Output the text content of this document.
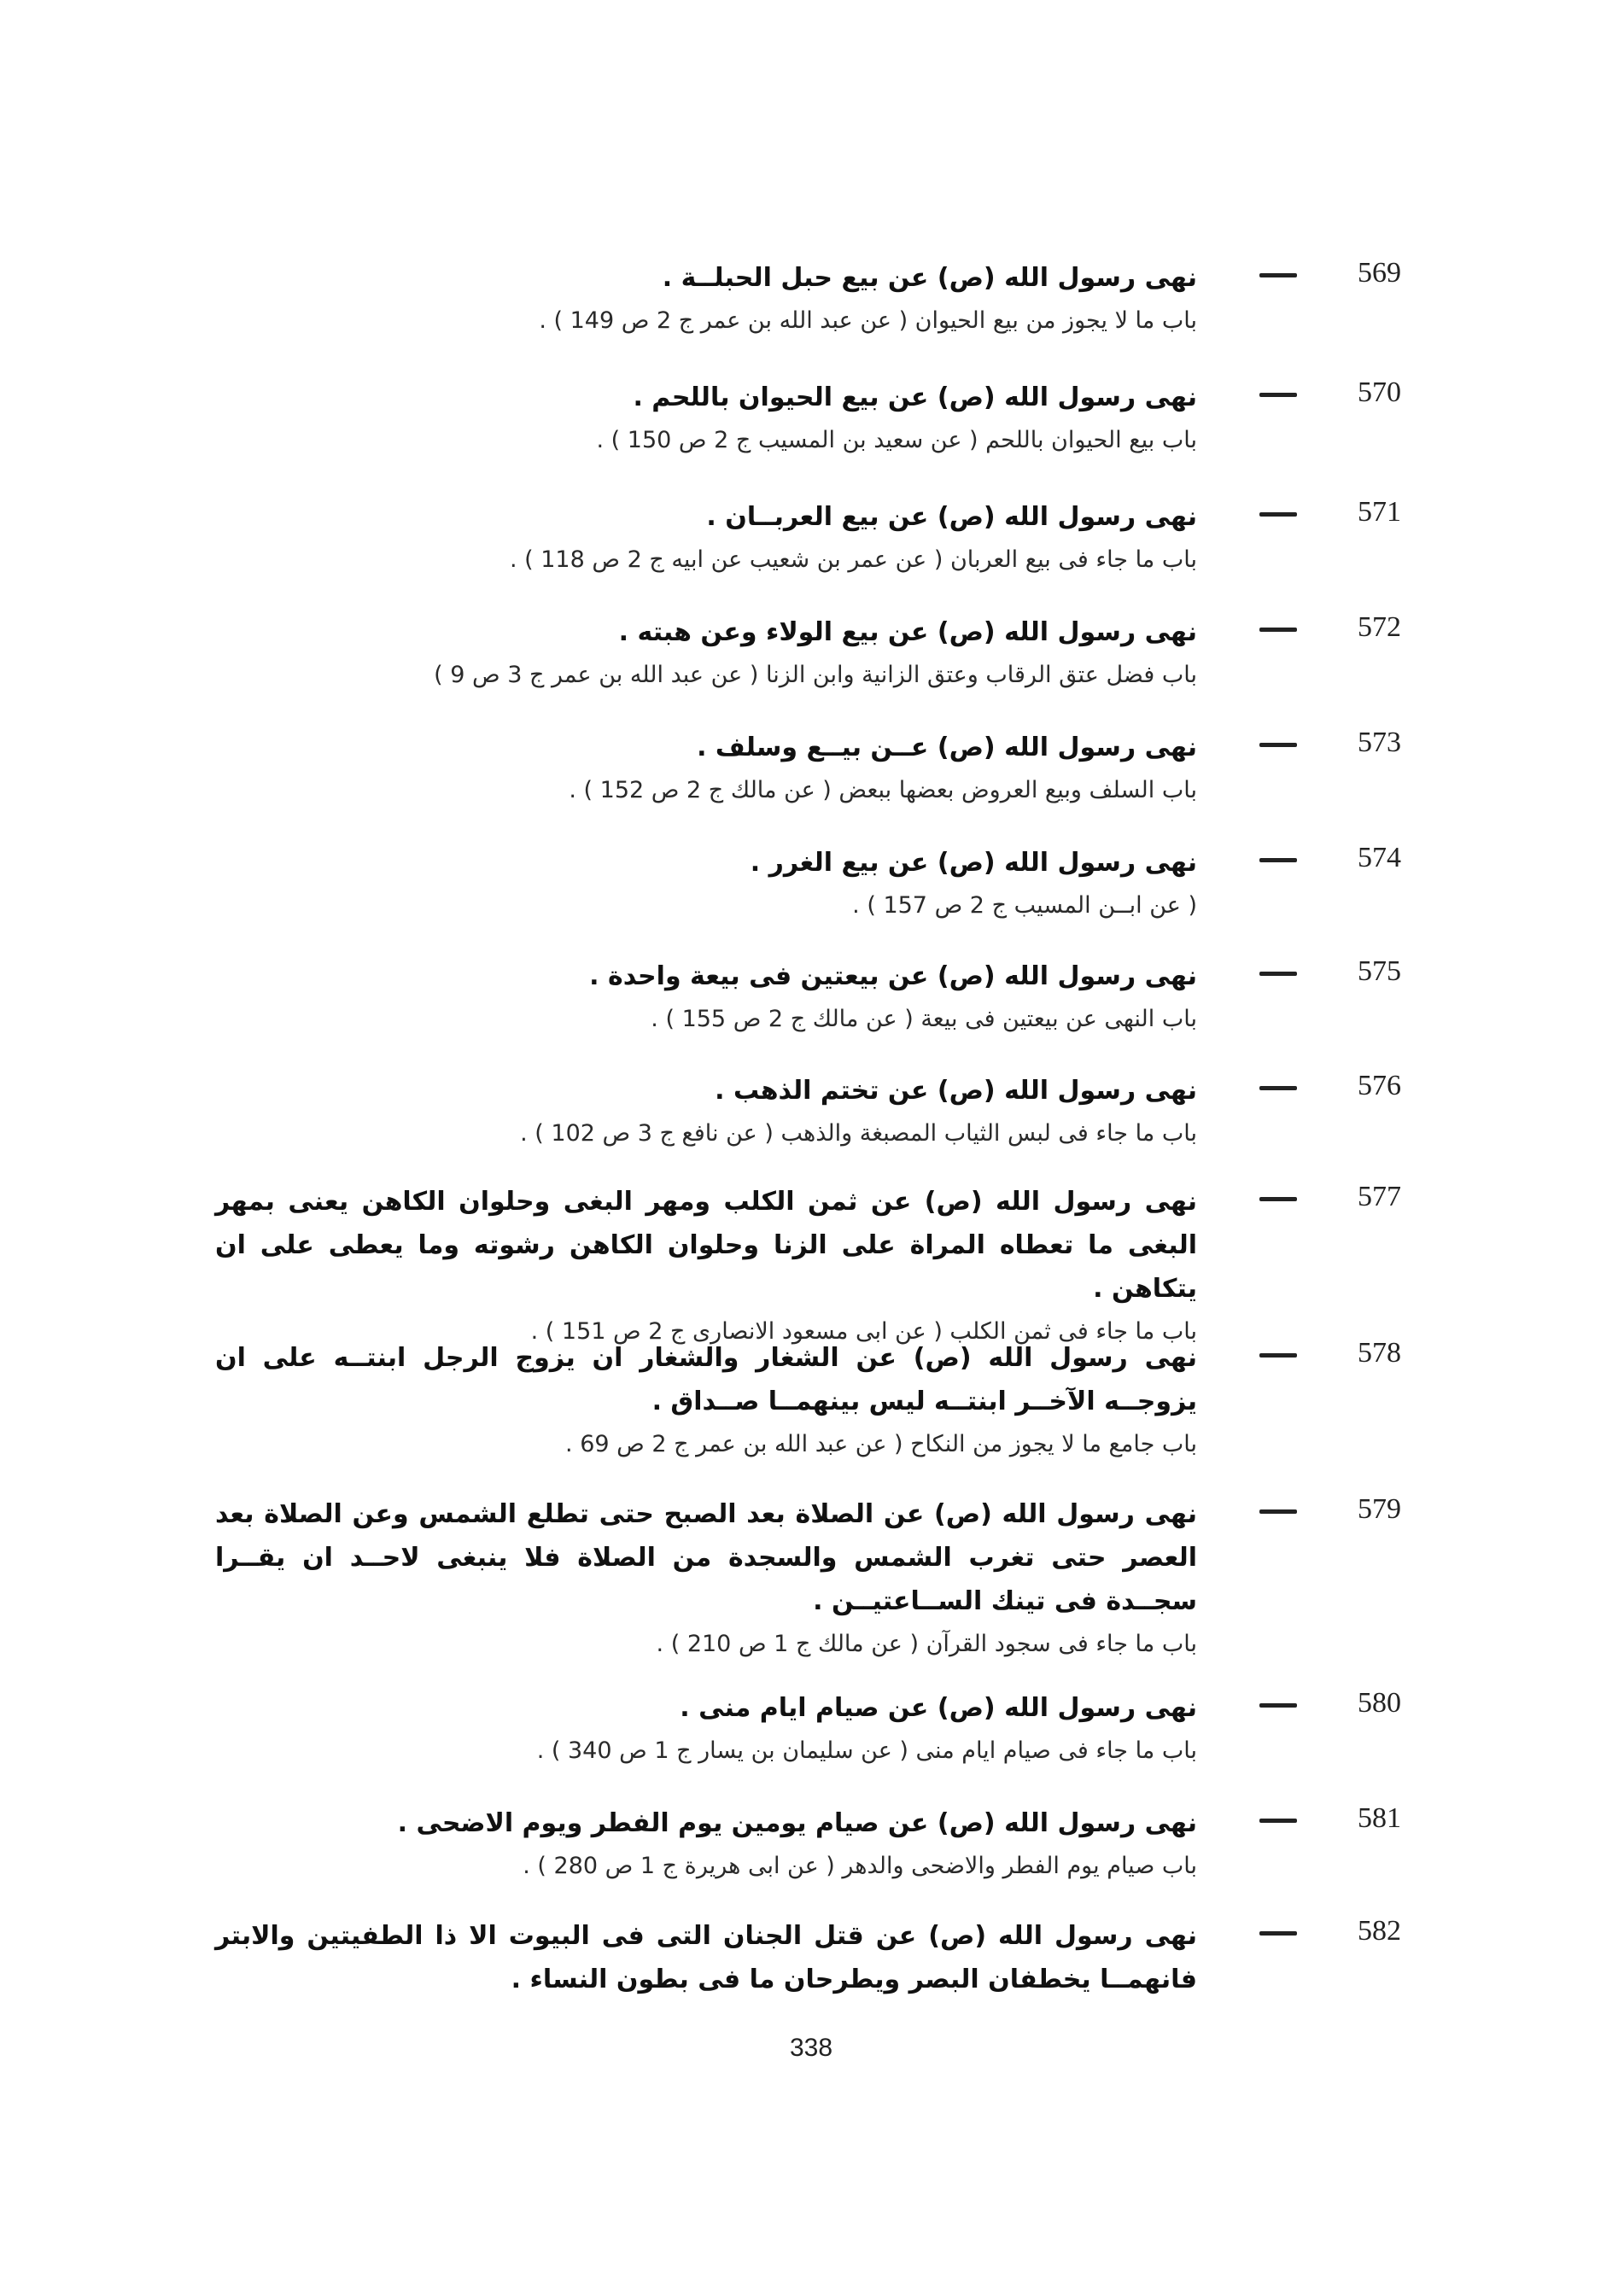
569

نهى رسول الله (ص) عن بيع حبل الحبلــة .

باب ما لا يجوز من بيع الحيوان ( عن عبد الله بن عمر ج 2 ص 149 ) .

570

نهى رسول الله (ص) عن بيع الحيوان باللحم .

باب بيع الحيوان باللحم ( عن سعيد بن المسيب ج 2 ص 150 ) .

571

نهى رسول الله (ص) عن بيع العربــان .

باب ما جاء فى بيع العربان ( عن عمر بن شعيب عن ابيه ج 2 ص 118 ) .

572

نهى رسول الله (ص) عن بيع الولاء وعن هبته .

باب فضل عتق الرقاب وعتق الزانية وابن الزنا ( عن عبد الله بن عمر ج 3 ص 9 )

573

نهى رسول الله (ص) عــن بيــع وسلف .

باب السلف وبيع العروض بعضها ببعض ( عن مالك ج 2 ص 152 ) .

574

نهى رسول الله (ص) عن بيع الغرر .

( عن ابــن المسيب ج 2 ص 157 ) .

575

نهى رسول الله (ص) عن بيعتين فى بيعة واحدة .

باب النهى عن بيعتين فى بيعة ( عن مالك ج 2 ص 155 ) .

576

نهى رسول الله (ص) عن تختم الذهب .

باب ما جاء فى لبس الثياب المصبغة والذهب ( عن نافع ج 3 ص 102 ) .

577

نهى رسول الله (ص) عن ثمن الكلب ومهر البغى وحلوان الكاهن يعنى بمهر البغى ما تعطاه المراة على الزنا وحلوان الكاهن رشوته وما يعطى على ان يتكاهن .

باب ما جاء فى ثمن الكلب ( عن ابى مسعود الانصارى ج 2 ص 151 ) .

578

نهى رسول الله (ص) عن الشغار والشغار ان يزوج الرجل ابنتــه على ان يزوجــه الآخــر ابنتــه ليس بينهمــا صــداق .

باب جامع ما لا يجوز من النكاح ( عن عبد الله بن عمر ج 2 ص 69 .

579

نهى رسول الله (ص) عن الصلاة بعد الصبح حتى تطلع الشمس وعن الصلاة بعد العصر حتى تغرب الشمس والسجدة من الصلاة فلا ينبغى لاحــد ان يقــرا سجــدة فى تينك الســاعتيــن .

باب ما جاء فى سجود القرآن ( عن مالك ج 1 ص 210 ) .

580

نهى رسول الله (ص) عن صيام ايام منى .

باب ما جاء فى صيام ايام منى ( عن سليمان بن يسار ج 1 ص 340 ) .

581

نهى رسول الله (ص) عن صيام يومين يوم الفطر ويوم الاضحى .

باب صيام يوم الفطر والاضحى والدهر ( عن ابى هريرة ج 1 ص 280 ) .

582

نهى رسول الله (ص) عن قتل الجنان التى فى البيوت الا ذا الطفيتين والابتر فانهمــا يخطفان البصر ويطرحان ما فى بطون النساء .

338
